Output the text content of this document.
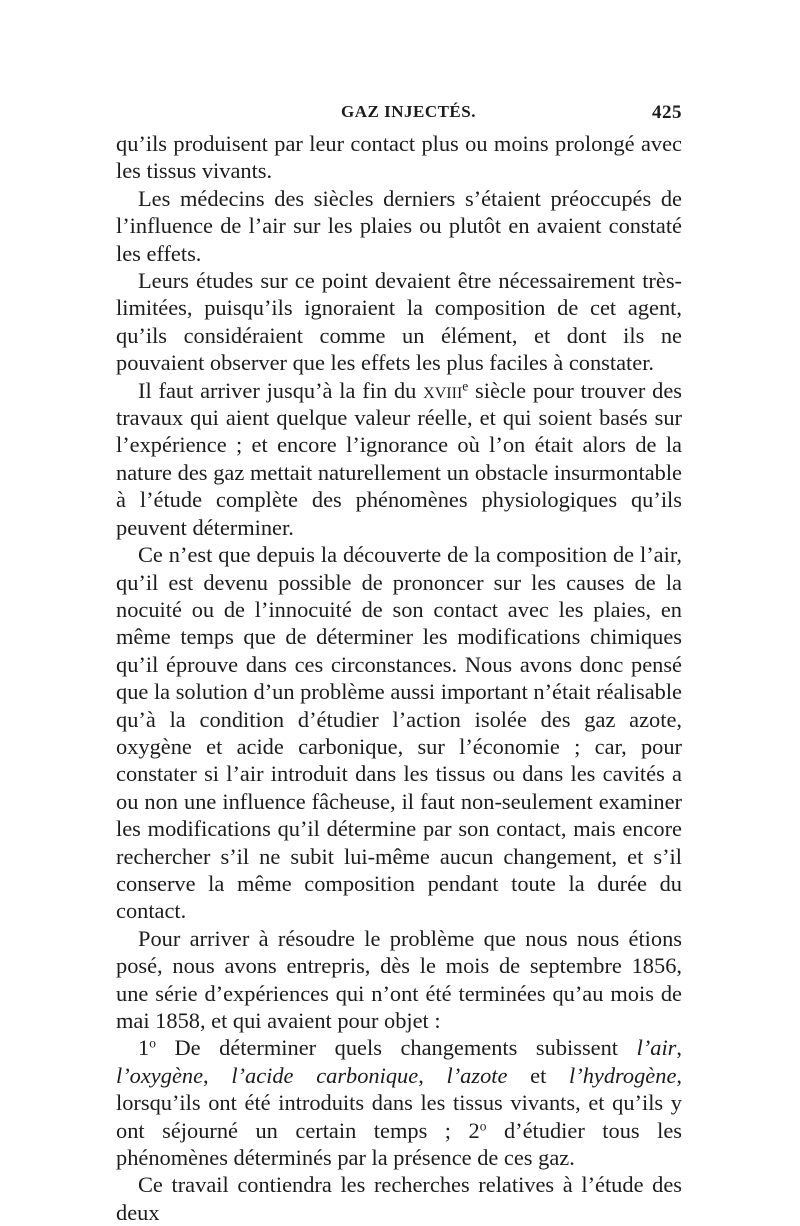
GAZ INJECTÉS.	425

qu’ils produisent par leur contact plus ou moins prolongé avec les tissus vivants.

Les médecins des siècles derniers s’étaient préoccupés de l’influence de l’air sur les plaies ou plutôt en avaient constaté les effets.

Leurs études sur ce point devaient être nécessairement très-limitées, puisqu’ils ignoraient la composition de cet agent, qu’ils considéraient comme un élément, et dont ils ne pouvaient observer que les effets les plus faciles à constater.

Il faut arriver jusqu’à la fin du xviii$^e$ siècle pour trouver des travaux qui aient quelque valeur réelle, et qui soient basés sur l’expérience ; et encore l’ignorance où l’on était alors de la nature des gaz mettait naturellement un obstacle insurmontable à l’étude complète des phénomènes physiologiques qu’ils peuvent déterminer.

Ce n’est que depuis la découverte de la composition de l’air, qu’il est devenu possible de prononcer sur les causes de la nocuité ou de l’innocuité de son contact avec les plaies, en même temps que de déterminer les modifications chimiques qu’il éprouve dans ces circonstances. Nous avons donc pensé que la solution d’un problème aussi important n’était réalisable qu’à la condition d’étudier l’action isolée des gaz azote, oxygène et acide carbonique, sur l’économie ; car, pour constater si l’air introduit dans les tissus ou dans les cavités a ou non une influence fâcheuse, il faut non-seulement examiner les modifications qu’il détermine par son contact, mais encore rechercher s’il ne subit lui-même aucun changement, et s’il conserve la même composition pendant toute la durée du contact.

Pour arriver à résoudre le problème que nous nous étions posé, nous avons entrepris, dès le mois de septembre 1856, une série d’expériences qui n’ont été terminées qu’au mois de mai 1858, et qui avaient pour objet :

1$^o$ De déterminer quels changements subissent l’air, l’oxygène, l’acide carbonique, l’azote et l’hydrogène, lorsqu’ils ont été introduits dans les tissus vivants, et qu’ils y ont séjourné un certain temps ; 2$^o$ d’étudier tous les phénomènes déterminés par la présence de ces gaz.

Ce travail contiendra les recherches relatives à l’étude des deux
